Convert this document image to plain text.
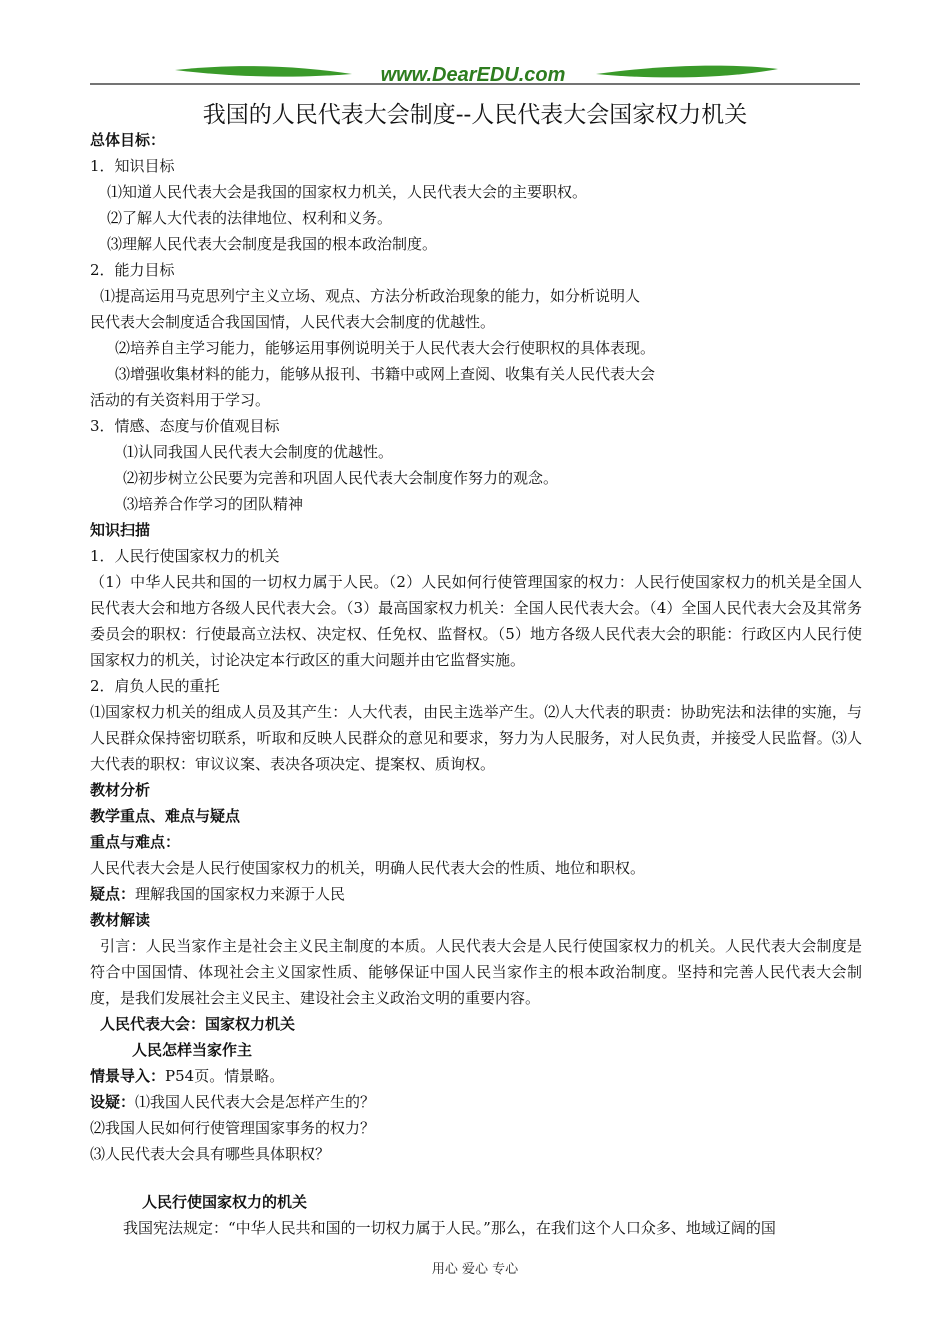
www.DearEDU.com
我国的人民代表大会制度--人民代表大会国家权力机关

总体目标：

1．知识目标

⑴知道人民代表大会是我国的国家权力机关，人民代表大会的主要职权。

⑵了解人大代表的法律地位、权利和义务。

⑶理解人民代表大会制度是我国的根本政治制度。

2．能力目标

⑴提高运用马克思列宁主义立场、观点、方法分析政治现象的能力，如分析说明人

民代表大会制度适合我国国情，人民代表大会制度的优越性。

⑵培养自主学习能力，能够运用事例说明关于人民代表大会行使职权的具体表现。

⑶增强收集材料的能力，能够从报刊、书籍中或网上查阅、收集有关人民代表大会

活动的有关资料用于学习。

3．情感、态度与价值观目标

⑴认同我国人民代表大会制度的优越性。

⑵初步树立公民要为完善和巩固人民代表大会制度作努力的观念。

⑶培养合作学习的团队精神

知识扫描

1．人民行使国家权力的机关

（1）中华人民共和国的一切权力属于人民。（2）人民如何行使管理国家的权力：人民行使国家权力的机关是全国人民代表大会和地方各级人民代表大会。（3）最高国家权力机关：全国人民代表大会。（4）全国人民代表大会及其常务委员会的职权：行使最高立法权、决定权、任免权、监督权。（5）地方各级人民代表大会的职能：行政区内人民行使国家权力的机关，讨论决定本行政区的重大问题并由它监督实施。

2．肩负人民的重托

⑴国家权力机关的组成人员及其产生：人大代表，由民主选举产生。⑵人大代表的职责：协助宪法和法律的实施，与人民群众保持密切联系，听取和反映人民群众的意见和要求，努力为人民服务，对人民负责，并接受人民监督。⑶人大代表的职权：审议议案、表决各项决定、提案权、质询权。

教材分析

教学重点、难点与疑点

重点与难点：

人民代表大会是人民行使国家权力的机关，明确人民代表大会的性质、地位和职权。

疑点：理解我国的国家权力来源于人民

教材解读

引言：人民当家作主是社会主义民主制度的本质。人民代表大会是人民行使国家权力的机关。人民代表大会制度是符合中国国情、体现社会主义国家性质、能够保证中国人民当家作主的根本政治制度。坚持和完善人民代表大会制度，是我们发展社会主义民主、建设社会主义政治文明的重要内容。

人民代表大会：国家权力机关

人民怎样当家作主

情景导入：P54页。情景略。

设疑：⑴我国人民代表大会是怎样产生的？

⑵我国人民如何行使管理国家事务的权力？

⑶人民代表大会具有哪些具体职权？

人民行使国家权力的机关

我国宪法规定：“中华人民共和国的一切权力属于人民。”那么，在我们这个人口众多、地域辽阔的国

用心 爱心 专心
